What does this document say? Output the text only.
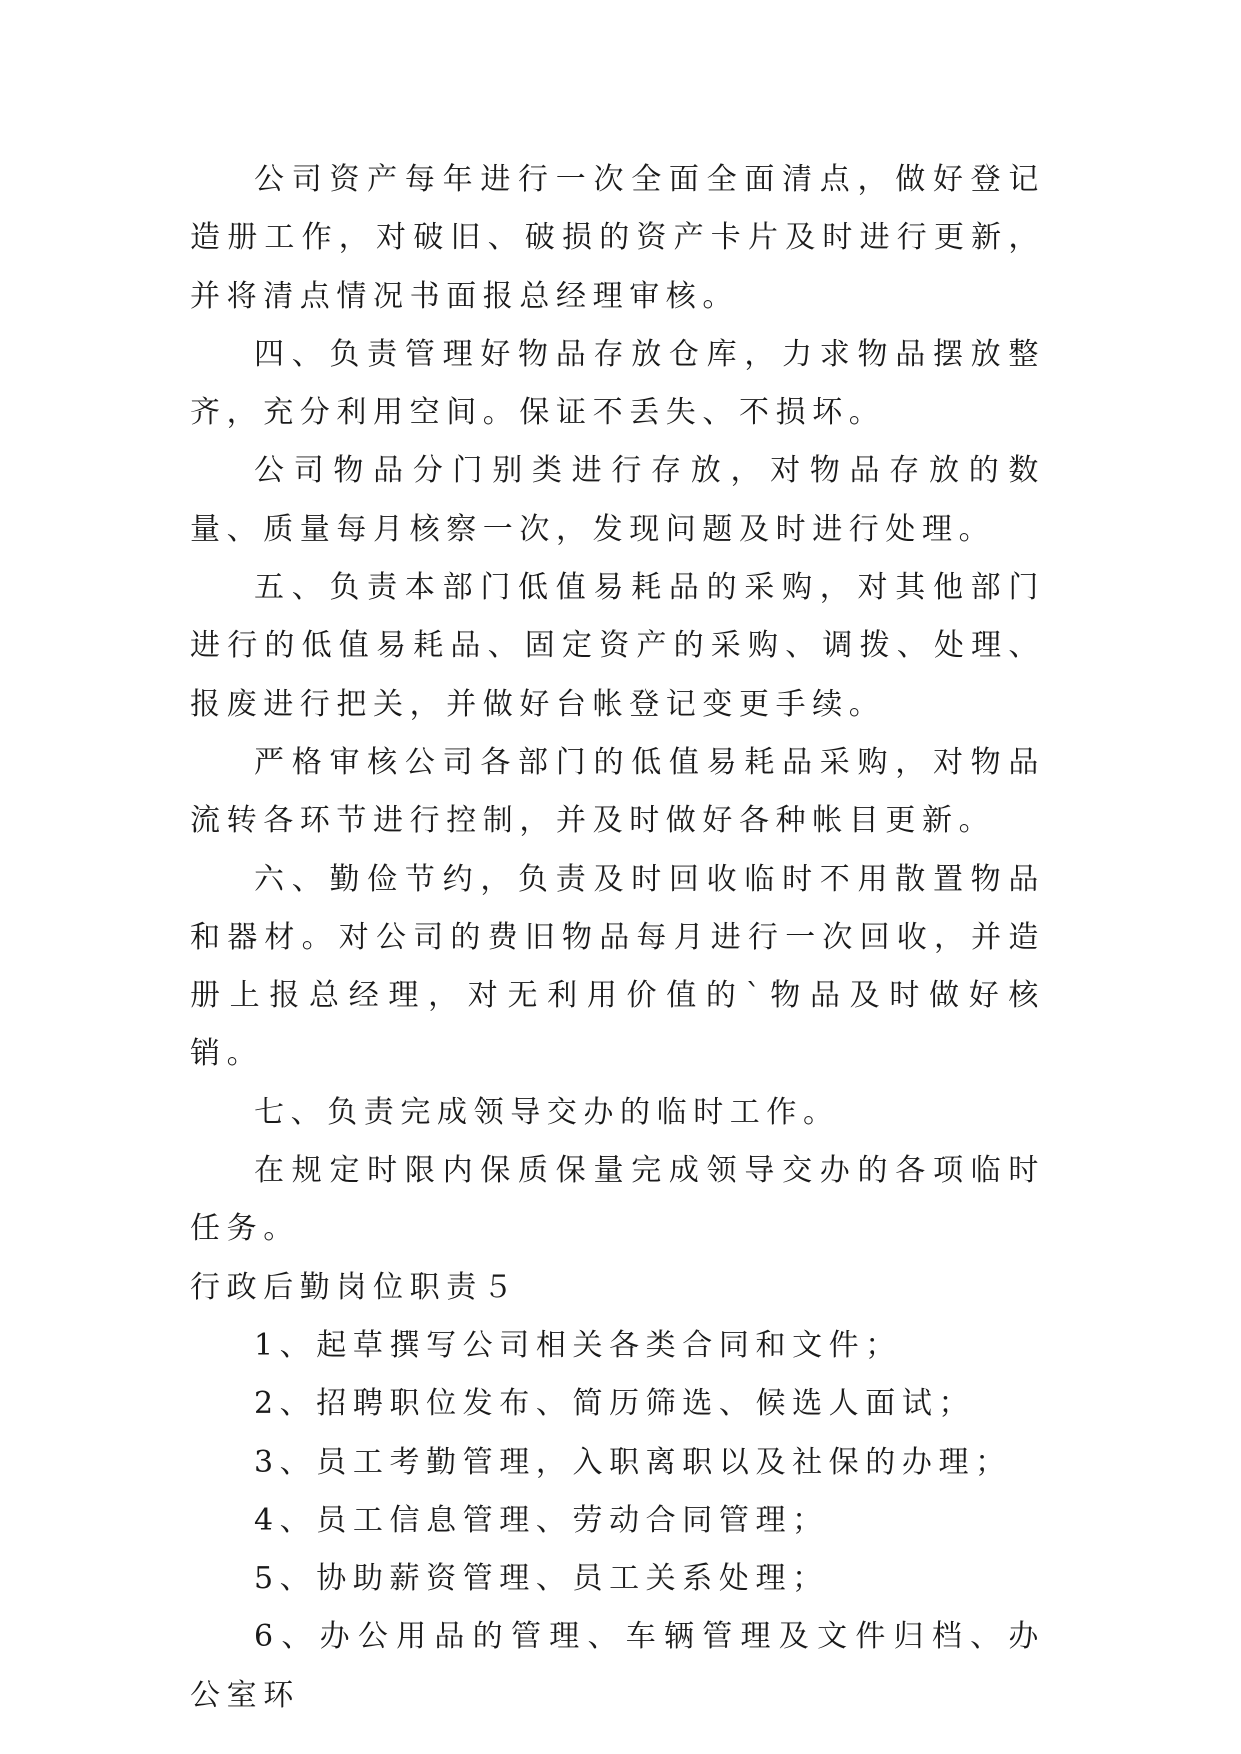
公司资产每年进行一次全面全面清点，做好登记造册工作，对破旧、破损的资产卡片及时进行更新，并将清点情况书面报总经理审核。

四、负责管理好物品存放仓库，力求物品摆放整齐，充分利用空间。保证不丢失、不损坏。

公司物品分门别类进行存放，对物品存放的数量、质量每月核察一次，发现问题及时进行处理。

五、负责本部门低值易耗品的采购，对其他部门进行的低值易耗品、固定资产的采购、调拨、处理、报废进行把关，并做好台帐登记变更手续。

严格审核公司各部门的低值易耗品采购，对物品流转各环节进行控制，并及时做好各种帐目更新。

六、勤俭节约，负责及时回收临时不用散置物品和器材。对公司的费旧物品每月进行一次回收，并造册上报总经理，对无利用价值的`物品及时做好核销。

七、负责完成领导交办的临时工作。

在规定时限内保质保量完成领导交办的各项临时任务。

行政后勤岗位职责５

1、起草撰写公司相关各类合同和文件；

2、招聘职位发布、简历筛选、候选人面试；

3、员工考勤管理，入职离职以及社保的办理；

4、员工信息管理、劳动合同管理；

5、协助薪资管理、员工关系处理；

6、办公用品的管理、车辆管理及文件归档、办公室环
